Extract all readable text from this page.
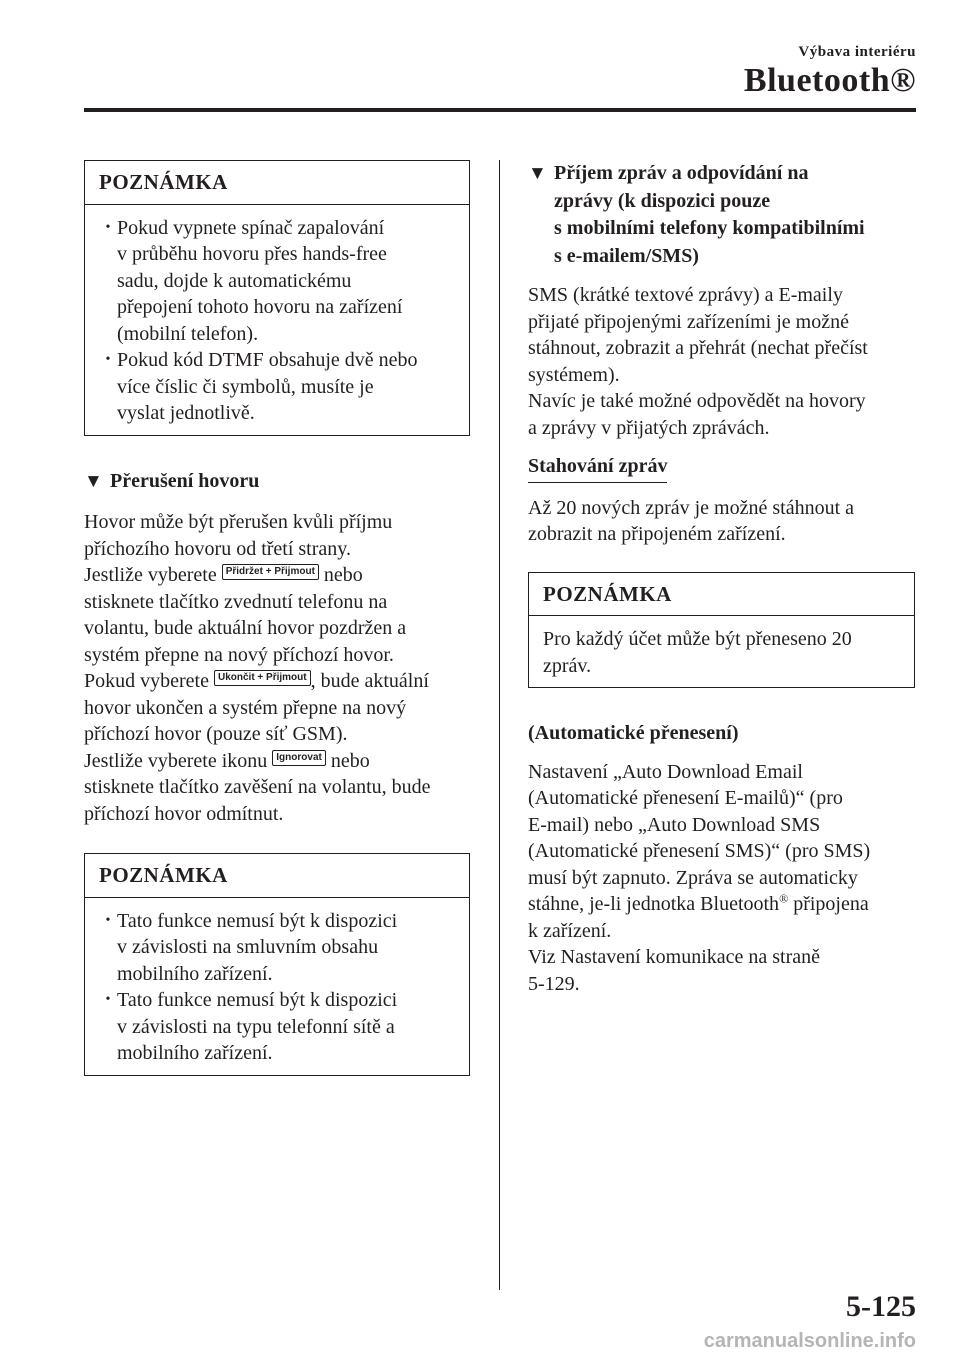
Výbava interiéru
Bluetooth®
POZNÁMKA
• Pokud vypnete spínač zapalování

v průběhu hovoru přes hands-free

sadu, dojde k automatickému

přepojení tohoto hovoru na zařízení

(mobilní telefon).

• Pokud kód DTMF obsahuje dvě nebo

více číslic či symbolů, musíte je

vyslat jednotlivě.

▼ Přerušení hovoru

Hovor může být přerušen kvůli příjmu

příchozího hovoru od třetí strany.

Jestliže vyberete Přidržet + Přijmout nebo

stisknete tlačítko zvednutí telefonu na

volantu, bude aktuální hovor pozdržen a

systém přepne na nový příchozí hovor.

Pokud vyberete Ukončit + Přijmout , bude aktuální

hovor ukončen a systém přepne na nový

příchozí hovor (pouze síť GSM).

Jestliže vyberete ikonu Ignorovat nebo

stisknete tlačítko zavěšení na volantu, bude

příchozí hovor odmítnut.

POZNÁMKA
• Tato funkce nemusí být k dispozici

v závislosti na smluvním obsahu

mobilního zařízení.

• Tato funkce nemusí být k dispozici

v závislosti na typu telefonní sítě a

mobilního zařízení.

▼ Příjem zpráv a odpovídání na

zprávy (k dispozici pouze

s mobilními telefony kompatibilními

s e-mailem/SMS)

SMS (krátké textové zprávy) a E-maily

přijaté připojenými zařízeními je možné

stáhnout, zobrazit a přehrát (nechat přečíst

systémem).

Navíc je také možné odpovědět na hovory

a zprávy v přijatých zprávách.

Stahování zpráv

Až 20 nových zpráv je možné stáhnout a

zobrazit na připojeném zařízení.

POZNÁMKA

Pro každý účet může být přeneseno 20

zpráv.

(Automatické přenesení)

Nastavení „Auto Download Email

(Automatické přenesení E-mailů)“ (pro

E-mail) nebo „Auto Download SMS

(Automatické přenesení SMS)“ (pro SMS)

musí být zapnuto. Zpráva se automaticky

stáhne, je-li jednotka Bluetooth® připojena

k zařízení.

Viz Nastavení komunikace na straně

5-129.

5-125
carmanualsonline.info
